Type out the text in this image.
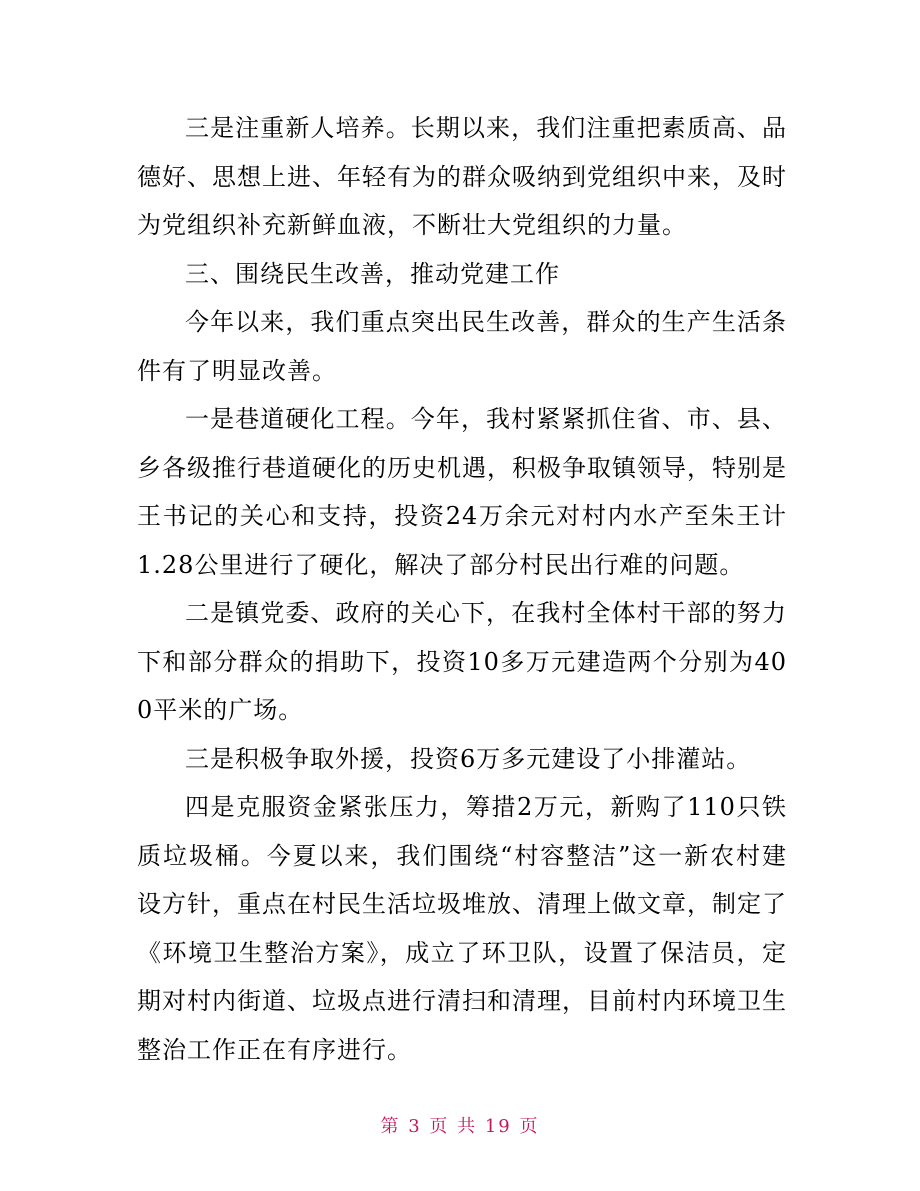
三是注重新人培养。长期以来，我们注重把素质高、品德好、思想上进、年轻有为的群众吸纳到党组织中来，及时为党组织补充新鲜血液，不断壮大党组织的力量。

三、围绕民生改善，推动党建工作

今年以来，我们重点突出民生改善，群众的生产生活条件有了明显改善。

一是巷道硬化工程。今年，我村紧紧抓住省、市、县、乡各级推行巷道硬化的历史机遇，积极争取镇领导，特别是王书记的关心和支持，投资24万余元对村内水产至朱王计1.28公里进行了硬化，解决了部分村民出行难的问题。

二是镇党委、政府的关心下，在我村全体村干部的努力下和部分群众的捐助下，投资10多万元建造两个分别为400平米的广场。

三是积极争取外援，投资6万多元建设了小排灌站。

四是克服资金紧张压力，筹措2万元，新购了110只铁质垃圾桶。今夏以来，我们围绕“村容整洁”这一新农村建设方针，重点在村民生活垃圾堆放、清理上做文章，制定了《环境卫生整治方案》，成立了环卫队，设置了保洁员，定期对村内街道、垃圾点进行清扫和清理，目前村内环境卫生整治工作正在有序进行。

第 3 页 共 19 页
